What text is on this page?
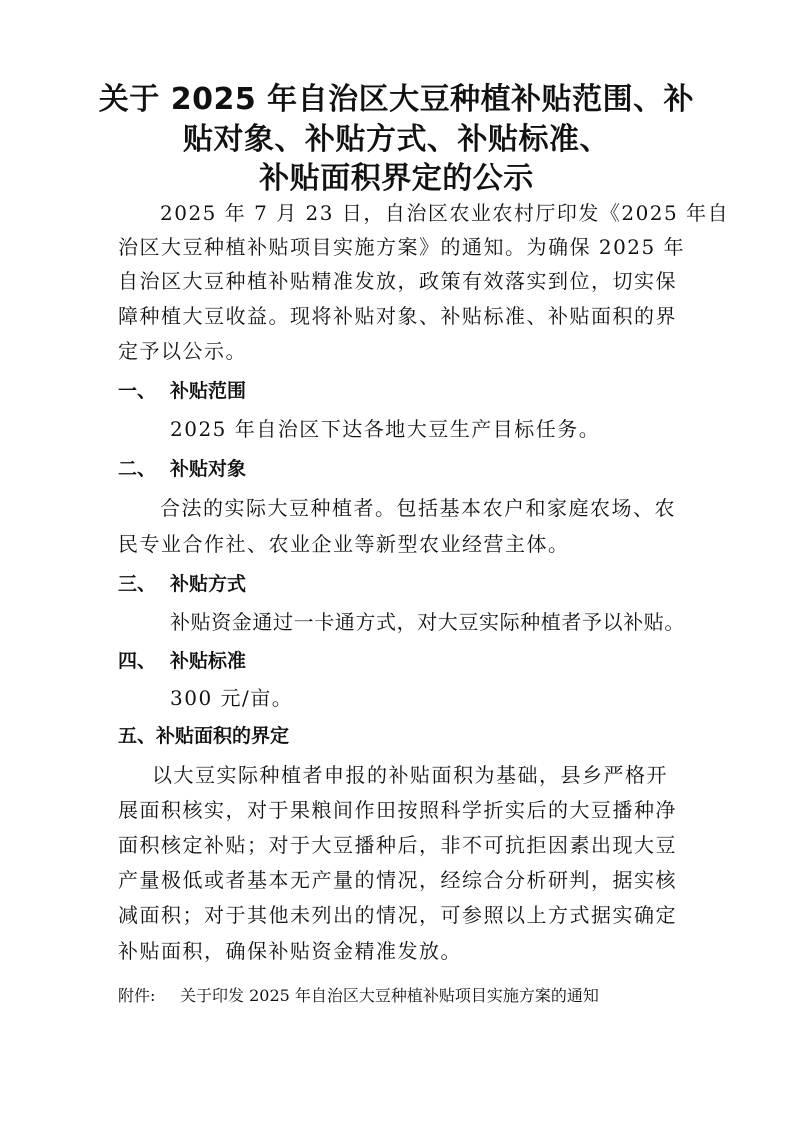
关于 2025 年自治区大豆种植补贴范围、补
贴对象、补贴方式、补贴标准、
补贴面积界定的公示
2025 年 7 月 23 日，自治区农业农村厅印发《2025 年自
治区大豆种植补贴项目实施方案》的通知。为确保 2025 年
自治区大豆种植补贴精准发放，政策有效落实到位，切实保
障种植大豆收益。现将补贴对象、补贴标准、补贴面积的界
定予以公示。
一、 补贴范围
2025 年自治区下达各地大豆生产目标任务。
二、 补贴对象
合法的实际大豆种植者。包括基本农户和家庭农场、农
民专业合作社、农业企业等新型农业经营主体。
三、 补贴方式
补贴资金通过一卡通方式，对大豆实际种植者予以补贴。
四、 补贴标准
300 元/亩。
五、补贴面积的界定
以大豆实际种植者申报的补贴面积为基础，县乡严格开
展面积核实，对于果粮间作田按照科学折实后的大豆播种净
面积核定补贴；对于大豆播种后，非不可抗拒因素出现大豆
产量极低或者基本无产量的情况，经综合分析研判，据实核
减面积；对于其他未列出的情况，可参照以上方式据实确定
补贴面积，确保补贴资金精准发放。
附件: 关于印发 2025 年自治区大豆种植补贴项目实施方案的通知
